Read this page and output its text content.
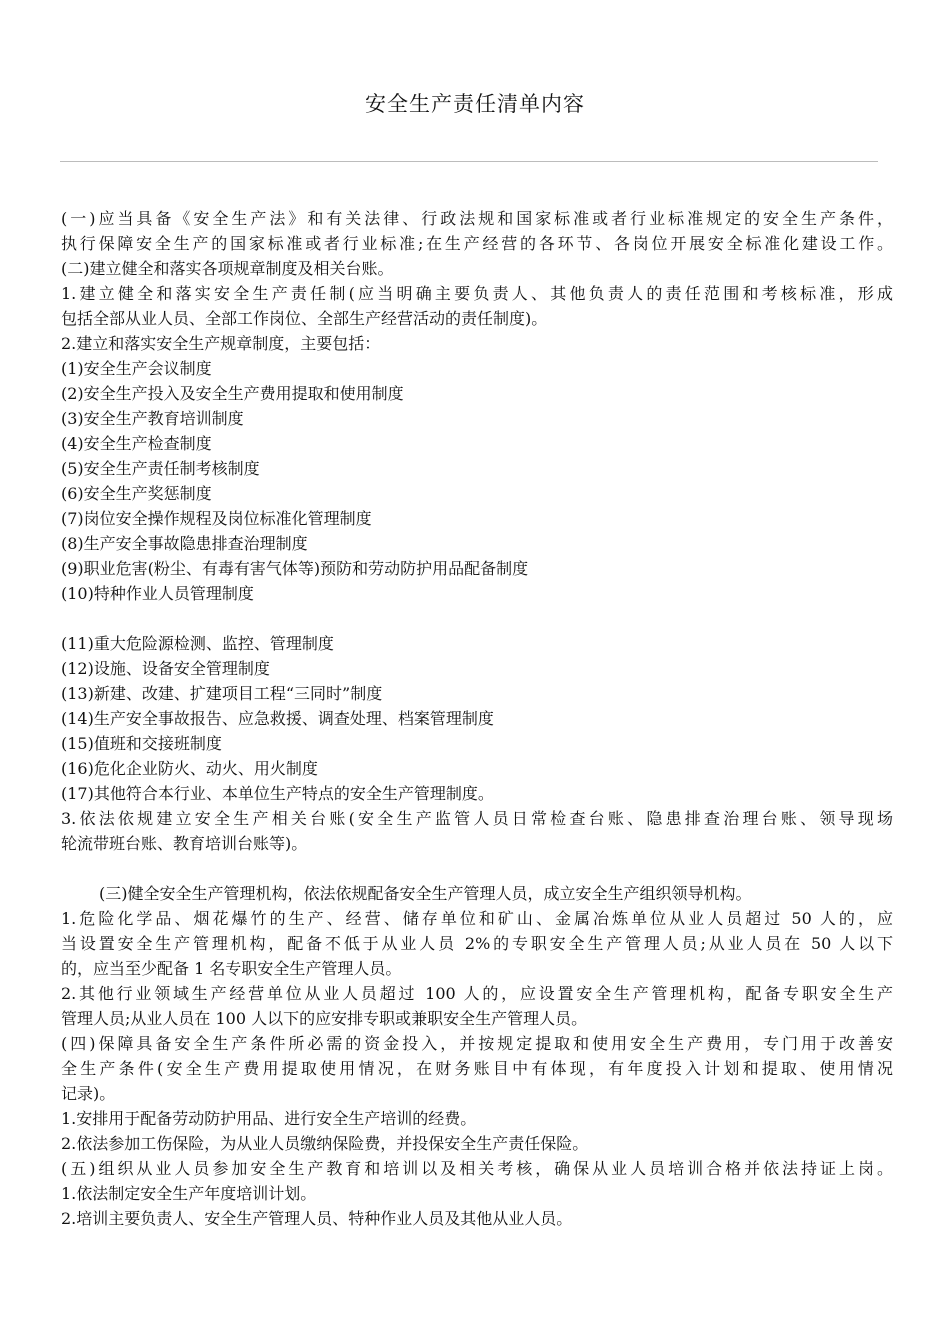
安全生产责任清单内容
(一)应当具备《安全生产法》和有关法律、行政法规和国家标准或者行业标准规定的安全生产条件，
执行保障安全生产的国家标准或者行业标准;在生产经营的各环节、各岗位开展安全标准化建设工作。
(二)建立健全和落实各项规章制度及相关台账。
1.建立健全和落实安全生产责任制(应当明确主要负责人、其他负责人的责任范围和考核标准，形成
包括全部从业人员、全部工作岗位、全部生产经营活动的责任制度)。
2.建立和落实安全生产规章制度，主要包括：
(1)安全生产会议制度
(2)安全生产投入及安全生产费用提取和使用制度
(3)安全生产教育培训制度
(4)安全生产检查制度
(5)安全生产责任制考核制度
(6)安全生产奖惩制度
(7)岗位安全操作规程及岗位标准化管理制度
(8)生产安全事故隐患排查治理制度
(9)职业危害(粉尘、有毒有害气体等)预防和劳动防护用品配备制度
(10)特种作业人员管理制度
(11)重大危险源检测、监控、管理制度
(12)设施、设备安全管理制度
(13)新建、改建、扩建项目工程“三同时”制度
(14)生产安全事故报告、应急救援、调查处理、档案管理制度
(15)值班和交接班制度
(16)危化企业防火、动火、用火制度
(17)其他符合本行业、本单位生产特点的安全生产管理制度。
3.依法依规建立安全生产相关台账(安全生产监管人员日常检查台账、隐患排查治理台账、领导现场
轮流带班台账、教育培训台账等)。
(三)健全安全生产管理机构，依法依规配备安全生产管理人员，成立安全生产组织领导机构。
1.危险化学品、烟花爆竹的生产、经营、储存单位和矿山、金属冶炼单位从业人员超过 50 人的，应
当设置安全生产管理机构，配备不低于从业人员 2%的专职安全生产管理人员;从业人员在 50 人以下
的，应当至少配备 1 名专职安全生产管理人员。
2.其他行业领域生产经营单位从业人员超过 100 人的，应设置安全生产管理机构，配备专职安全生产
管理人员;从业人员在 100 人以下的应安排专职或兼职安全生产管理人员。
(四)保障具备安全生产条件所必需的资金投入，并按规定提取和使用安全生产费用，专门用于改善安
全生产条件(安全生产费用提取使用情况，在财务账目中有体现，有年度投入计划和提取、使用情况
记录)。
1.安排用于配备劳动防护用品、进行安全生产培训的经费。
2.依法参加工伤保险，为从业人员缴纳保险费，并投保安全生产责任保险。
(五)组织从业人员参加安全生产教育和培训以及相关考核，确保从业人员培训合格并依法持证上岗。
1.依法制定安全生产年度培训计划。
2.培训主要负责人、安全生产管理人员、特种作业人员及其他从业人员。
